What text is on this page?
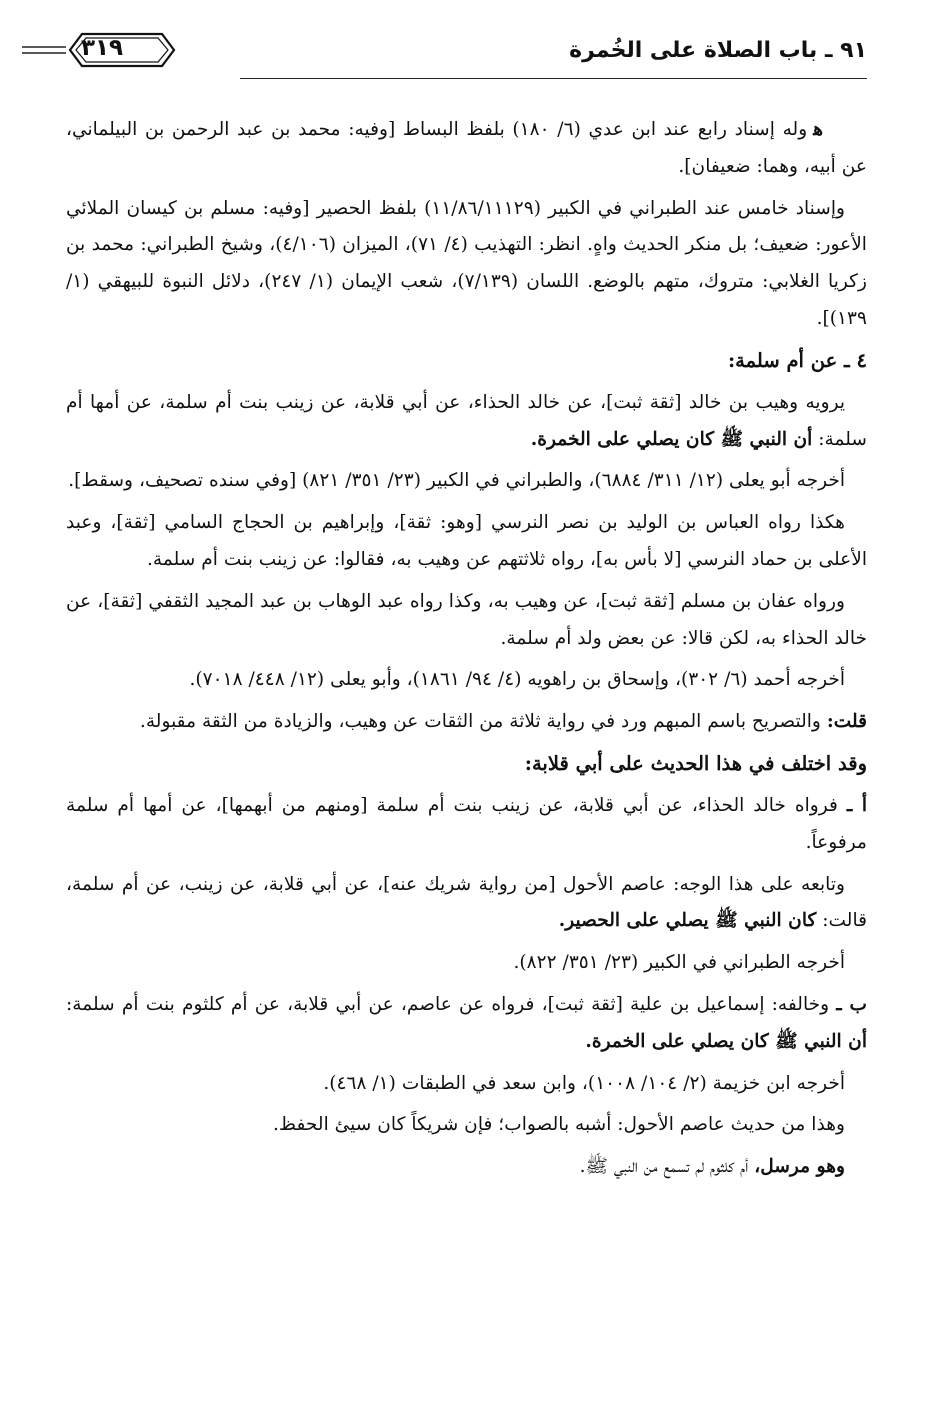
٩١ ـ باب الصلاة على الخُمرة
٣١٩

ﻫوله إسناد رابع عند ابن عدي (٦/ ١٨٠) بلفظ البساط [وفيه: محمد بن عبد الرحمن بن البيلماني، عن أبيه، وهما: ضعيفان].

وإسناد خامس عند الطبراني في الكبير (١١/٨٦/١١١٢٩) بلفظ الحصير [وفيه: مسلم بن كيسان الملائي الأعور: ضعيف؛ بل منكر الحديث واهٍ. انظر: التهذيب (٤/ ٧١)، الميزان (٤/١٠٦)، وشيخ الطبراني: محمد بن زكريا الغلابي: متروك، متهم بالوضع. اللسان (٧/١٣٩)، شعب الإيمان (١/ ٢٤٧)، دلائل النبوة للبيهقي (١/ ١٣٩)].

٤ ـ عن أم سلمة:

يرويه وهيب بن خالد [ثقة ثبت]، عن خالد الحذاء، عن أبي قلابة، عن زينب بنت أم سلمة، عن أمها أم سلمة: أن النبي ﷺ كان يصلي على الخمرة.

أخرجه أبو يعلى (١٢/ ٣١١/ ٦٨٨٤)، والطبراني في الكبير (٢٣/ ٣٥١/ ٨٢١) [وفي سنده تصحيف، وسقط].

هكذا رواه العباس بن الوليد بن نصر النرسي [وهو: ثقة]، وإبراهيم بن الحجاج السامي [ثقة]، وعبد الأعلى بن حماد النرسي [لا بأس به]، رواه ثلاثتهم عن وهيب به، فقالوا: عن زينب بنت أم سلمة.

ورواه عفان بن مسلم [ثقة ثبت]، عن وهيب به، وكذا رواه عبد الوهاب بن عبد المجيد الثقفي [ثقة]، عن خالد الحذاء به، لكن قالا: عن بعض ولد أم سلمة.

أخرجه أحمد (٦/ ٣٠٢)، وإسحاق بن راهويه (٤/ ٩٤/ ١٨٦١)، وأبو يعلى (١٢/ ٤٤٨/ ٧٠١٨).

قلت: والتصريح باسم المبهم ورد في رواية ثلاثة من الثقات عن وهيب، والزيادة من الثقة مقبولة.

وقد اختلف في هذا الحديث على أبي قلابة:

أ ـ فرواه خالد الحذاء، عن أبي قلابة، عن زينب بنت أم سلمة [ومنهم من أبهمها]، عن أمها أم سلمة مرفوعاً.

وتابعه على هذا الوجه: عاصم الأحول [من رواية شريك عنه]، عن أبي قلابة، عن زينب، عن أم سلمة، قالت: كان النبي ﷺ يصلي على الحصير.

أخرجه الطبراني في الكبير (٢٣/ ٣٥١/ ٨٢٢).

ب ـ وخالفه: إسماعيل بن علية [ثقة ثبت]، فرواه عن عاصم، عن أبي قلابة، عن أم كلثوم بنت أم سلمة: أن النبي ﷺ كان يصلي على الخمرة.

أخرجه ابن خزيمة (٢/ ١٠٤/ ١٠٠٨)، وابن سعد في الطبقات (١/ ٤٦٨).

وهذا من حديث عاصم الأحول: أشبه بالصواب؛ فإن شريكاً كان سيئ الحفظ.

وهو مرسل، أم كلثوم لم تسمع من النبي ﷺ.
